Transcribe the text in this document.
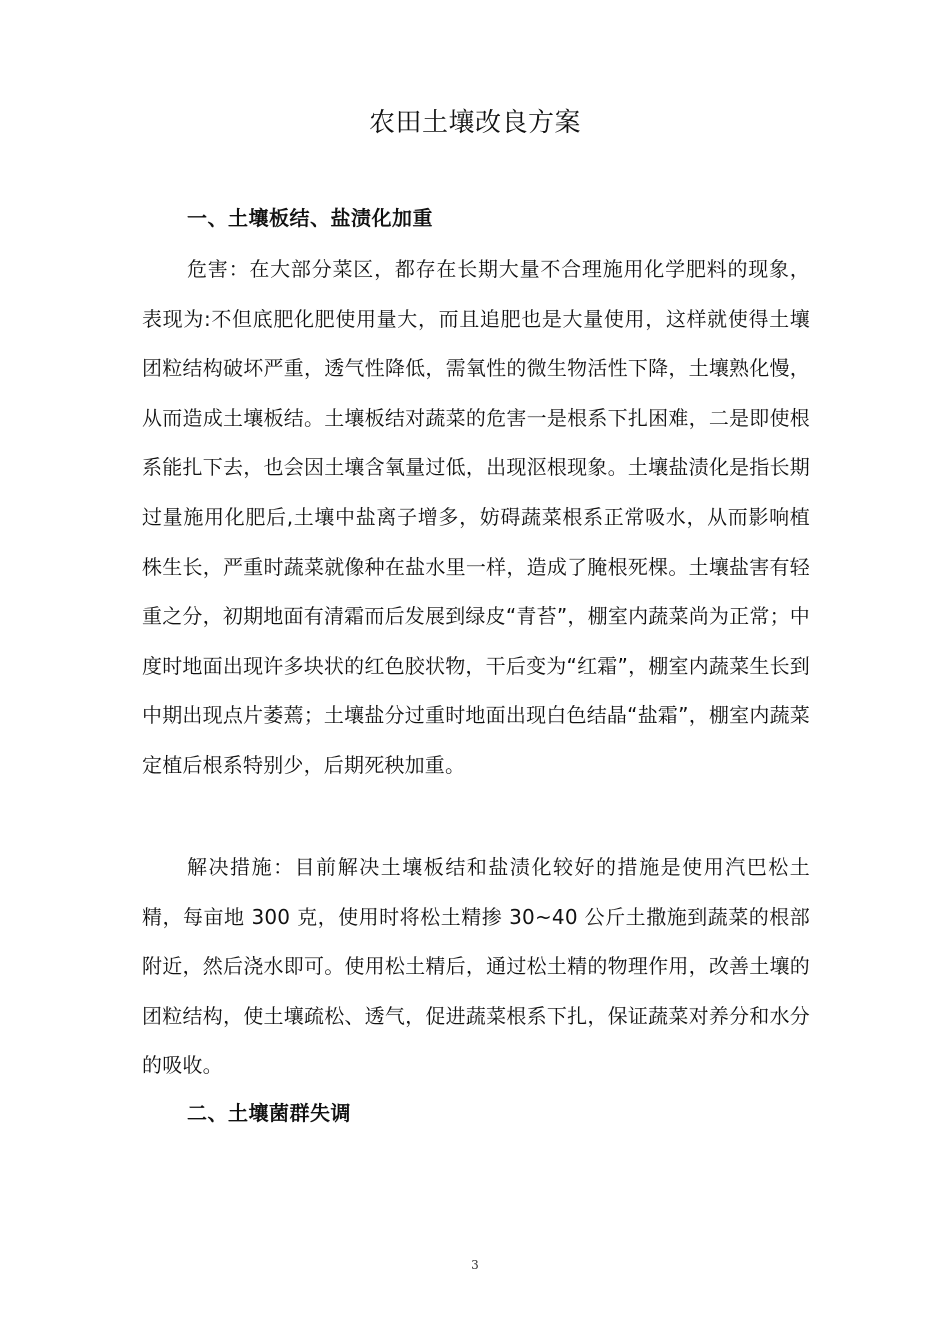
农田土壤改良方案
一、土壤板结、盐渍化加重

危害：在大部分菜区，都存在长期大量不合理施用化学肥料的现象，表现为:不但底肥化肥使用量大，而且追肥也是大量使用，这样就使得土壤团粒结构破坏严重，透气性降低，需氧性的微生物活性下降，土壤熟化慢，从而造成土壤板结。土壤板结对蔬菜的危害一是根系下扎困难，二是即使根系能扎下去，也会因土壤含氧量过低，出现沤根现象。土壤盐渍化是指长期过量施用化肥后,土壤中盐离子增多，妨碍蔬菜根系正常吸水，从而影响植株生长，严重时蔬菜就像种在盐水里一样，造成了腌根死棵。土壤盐害有轻重之分，初期地面有清霜而后发展到绿皮“青苔”，棚室内蔬菜尚为正常；中度时地面出现许多块状的红色胶状物，干后变为“红霜”，棚室内蔬菜生长到中期出现点片萎蔫；土壤盐分过重时地面出现白色结晶“盐霜”，棚室内蔬菜定植后根系特别少，后期死秧加重。

解决措施：目前解决土壤板结和盐渍化较好的措施是使用汽巴松土精，每亩地 300 克，使用时将松土精掺 30~40 公斤土撒施到蔬菜的根部附近，然后浇水即可。使用松土精后，通过松土精的物理作用，改善土壤的团粒结构，使土壤疏松、透气，促进蔬菜根系下扎，保证蔬菜对养分和水分的吸收。

二、土壤菌群失调
3
